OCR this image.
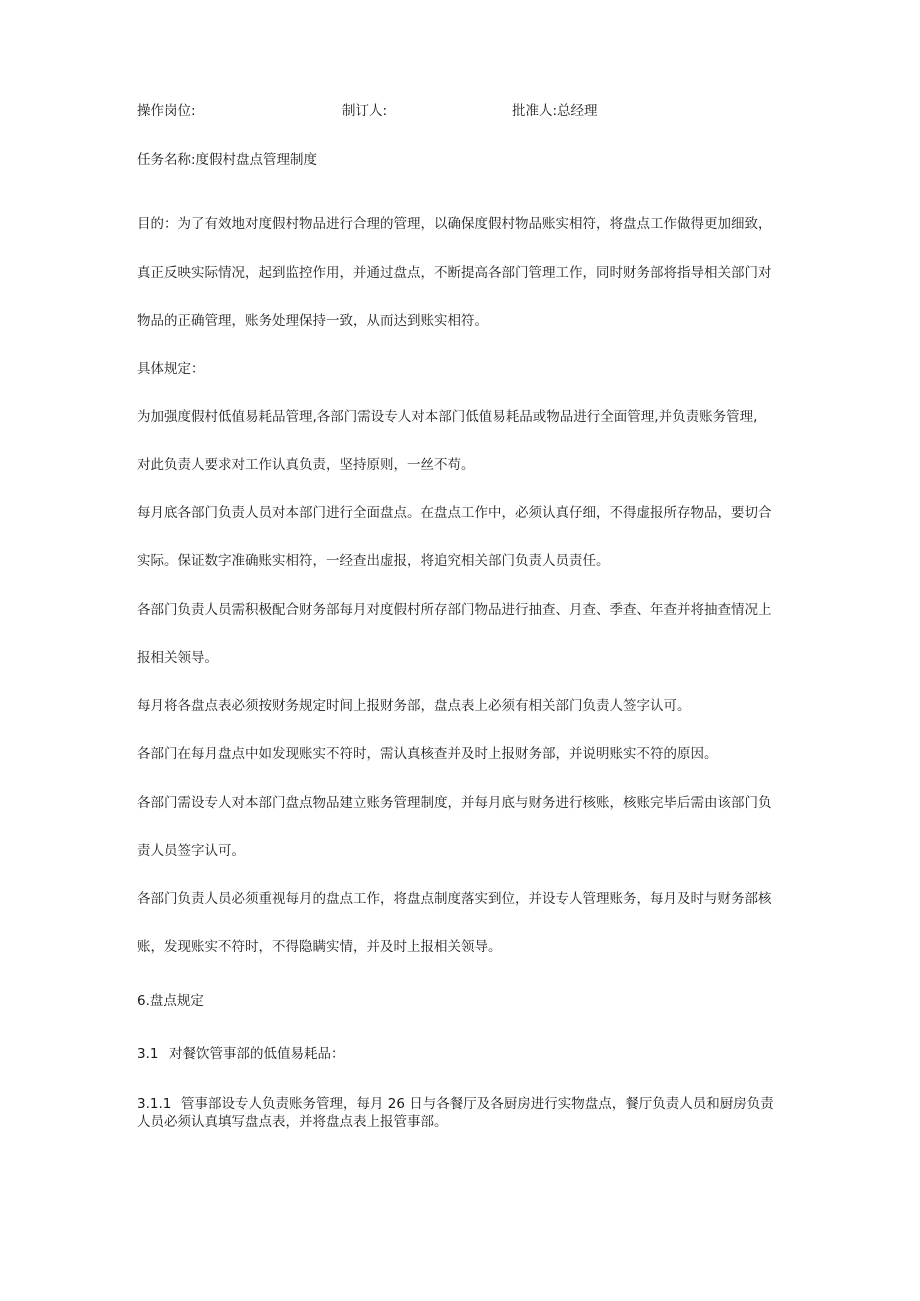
操作岗位:	制订人:	批准人:总经理
任务名称:度假村盘点管理制度
目的：为了有效地对度假村物品进行合理的管理，以确保度假村物品账实相符，将盘点工作做得更加细致，
真正反映实际情况，起到监控作用，并通过盘点，不断提高各部门管理工作，同时财务部将指导相关部门对
物品的正确管理，账务处理保持一致，从而达到账实相符。
具体规定：
为加强度假村低值易耗品管理,各部门需设专人对本部门低值易耗品或物品进行全面管理,并负责账务管理,
对此负责人要求对工作认真负责，坚持原则，一丝不苟。
每月底各部门负责人员对本部门进行全面盘点。在盘点工作中，必须认真仔细，不得虚报所存物品，要切合
实际。保证数字准确账实相符，一经查出虚报，将追究相关部门负责人员责任。
各部门负责人员需积极配合财务部每月对度假村所存部门物品进行抽查、月查、季查、年查并将抽查情况上
报相关领导。
每月将各盘点表必须按财务规定时间上报财务部，盘点表上必须有相关部门负责人签字认可。
各部门在每月盘点中如发现账实不符时，需认真核查并及时上报财务部，并说明账实不符的原因。
各部门需设专人对本部门盘点物品建立账务管理制度，并每月底与财务进行核账，核账完毕后需由该部门负
责人员签字认可。
各部门负责人员必须重视每月的盘点工作，将盘点制度落实到位，并设专人管理账务，每月及时与财务部核
账，发现账实不符时，不得隐瞒实情，并及时上报相关领导。
6.盘点规定
3.1 对餐饮管事部的低值易耗品：
3.1.1 管事部设专人负责账务管理，每月 26 日与各餐厅及各厨房进行实物盘点，餐厅负责人员和厨房负责人员必须认真填写盘点表，并将盘点表上报管事部。
